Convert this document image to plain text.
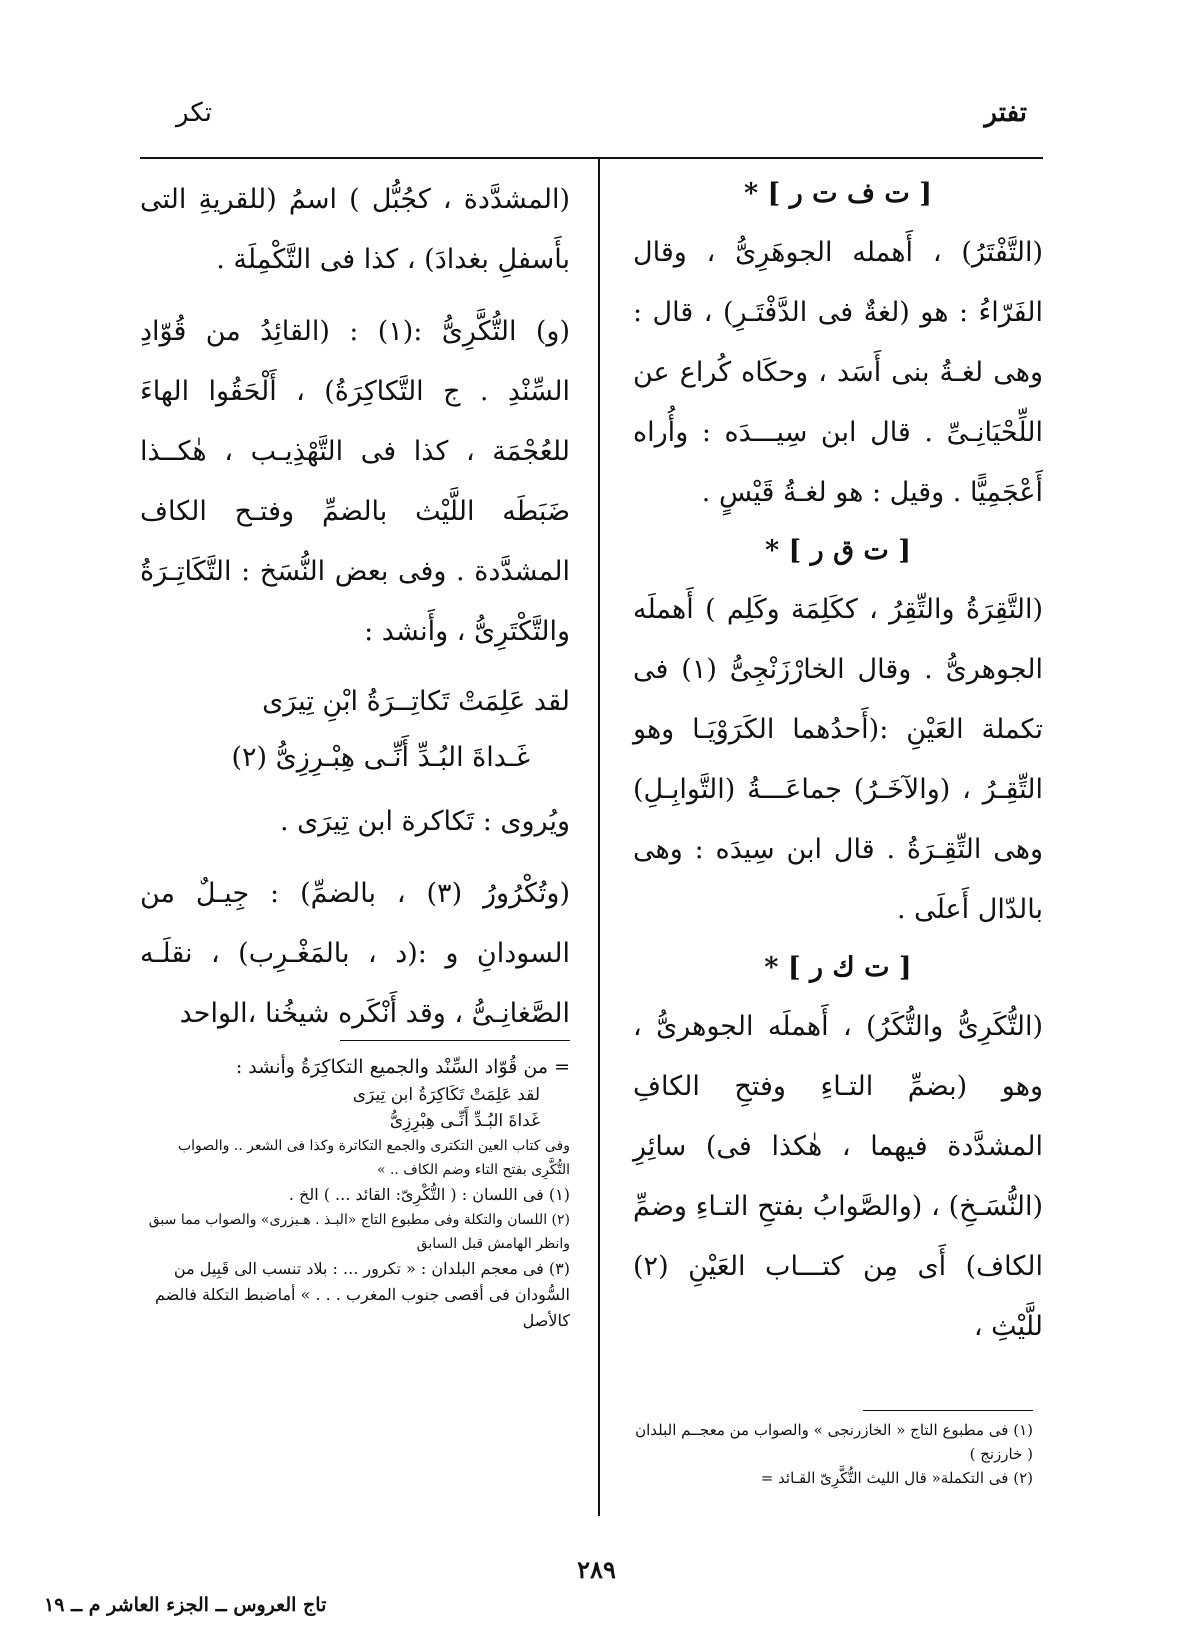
تفتر
تكر
[ ت ف ت ر ] *

(التَّفْتَرُ) ، أَهمله الجوهَرِىُّ ، وقال الفَرّاءُ : هو (لغةٌ فى الدَّفْتَـرِ) ، قال : وهى لغـةُ بنى أَسَد ، وحكَاه كُراع عن اللِّحْيَانِـىِّ . قال ابن سِيـــدَه : وأُراه أَعْجَمِيًّا . وقيل : هو لغـةُ قَيْسٍ .

[ ت ق ر ] *

(التَّقِرَةُ والتِّقِرُ ، ككَلِمَة وكَلِم ) أَهملَه الجوهرىُّ . وقال الخارْزَنْجِىُّ (١) فى تكملة العَيْنِ :(أَحدُهما الكَرَوْيَـا وهو التِّقِـرُ ، (والآخَـرُ) جماعَـــةُ (التَّوابِـلِ) وهى التِّقِـرَةُ . قال ابن سِيدَه : وهى بالدّال أَعلَى .

[ ت ك ر ] *

(التُّكَرِىُّ والتُّكَرُ) ، أَهملَه الجوهرىُّ ، وهو (بضمِّ التـاءِ وفتحِ الكافِ المشدَّدة فيهما ، هٰكذا فى) سائِرِ (النُّسَـخِ) ، (والصَّوابُ بفتحِ التـاءِ وضمِّ الكاف) أَى مِن كتـــاب العَيْنِ (٢) للَّيْثِ ،

(١) فى مطبوع التاج « الخازرنجى » والصواب من معجــم البلدان ( خارزنج )
(٢) فى التكملة« قال الليث التُّكَّرِىّ القـائد =

(المشدَّدة ، كجُبُّل ) اسمُ (للقريةِ التى بأَسفلِ بغدادَ) ، كذا فى التَّكْمِلَة .

(و) التُّكَّرِىُّ :(١) : (القائِدُ من قُوّادِ السِّنْدِ . ج التَّكاكِرَةُ) ، أَلْحَقُوا الهاءَ للعُجْمَة ، كذا فى التَّهْذِيـب ، هٰكــذا ضَبَطَه اللَّيْث بالضمِّ وفتـح الكاف المشدَّدة . وفى بعض النُّسَخ : التَّكَاتِـرَةُ والتَّكْتَرِىُّ ، وأَنشد :

لقد عَلِمَتْ تَكاتِــرَةُ ابْنِ تِيرَى
غَـداةَ البُـدِّ أَنِّـى هِبْـرِزِىُّ (٢)

ويُروى : تَكاكرة ابن تِيرَى .

(وتُكْرُورُ (٣) ، بالضمِّ) : جِيـلٌ من السودانِ و :(د ، بالمَغْـرِب) ، نقلَـه الصَّغانِـىُّ ، وقد أَنْكَره شيخُنا ،الواحد

= من قُوّاد السِّنْد والجميع التكاكِرَةُ وأنشد :
لقد عَلِمَتْ تَكَاكِرَةُ ابن تِيرَى
غَداةَ البُـدِّ أَنِّـى هِبْرِزِىُّ
وفى كتاب العين التكترى والجمع التكاترة وكذا فى الشعر .. والصواب التُّكَّرِى بفتح التاء وضم الكاف .. »
(١) فى اللسان : ( التُّكْرِىّ: القائد ... ) الخ .
(٢) اللسان والتكلة وفى مطبوع التاج «البـذ . هـبزرى» والصواب مما سبق وانظر الهامش قبل السابق
(٣) فى معجم البلدان : « تكرور ... : بلاد تنسب الى قَبِيل من السُّودان فى أقصى جنوب المغرب . . . » أماضبط التكلة فالضم كالأصل
٢٨٩
تاج العروس ــ الجزء العاشر م ــ ١٩
